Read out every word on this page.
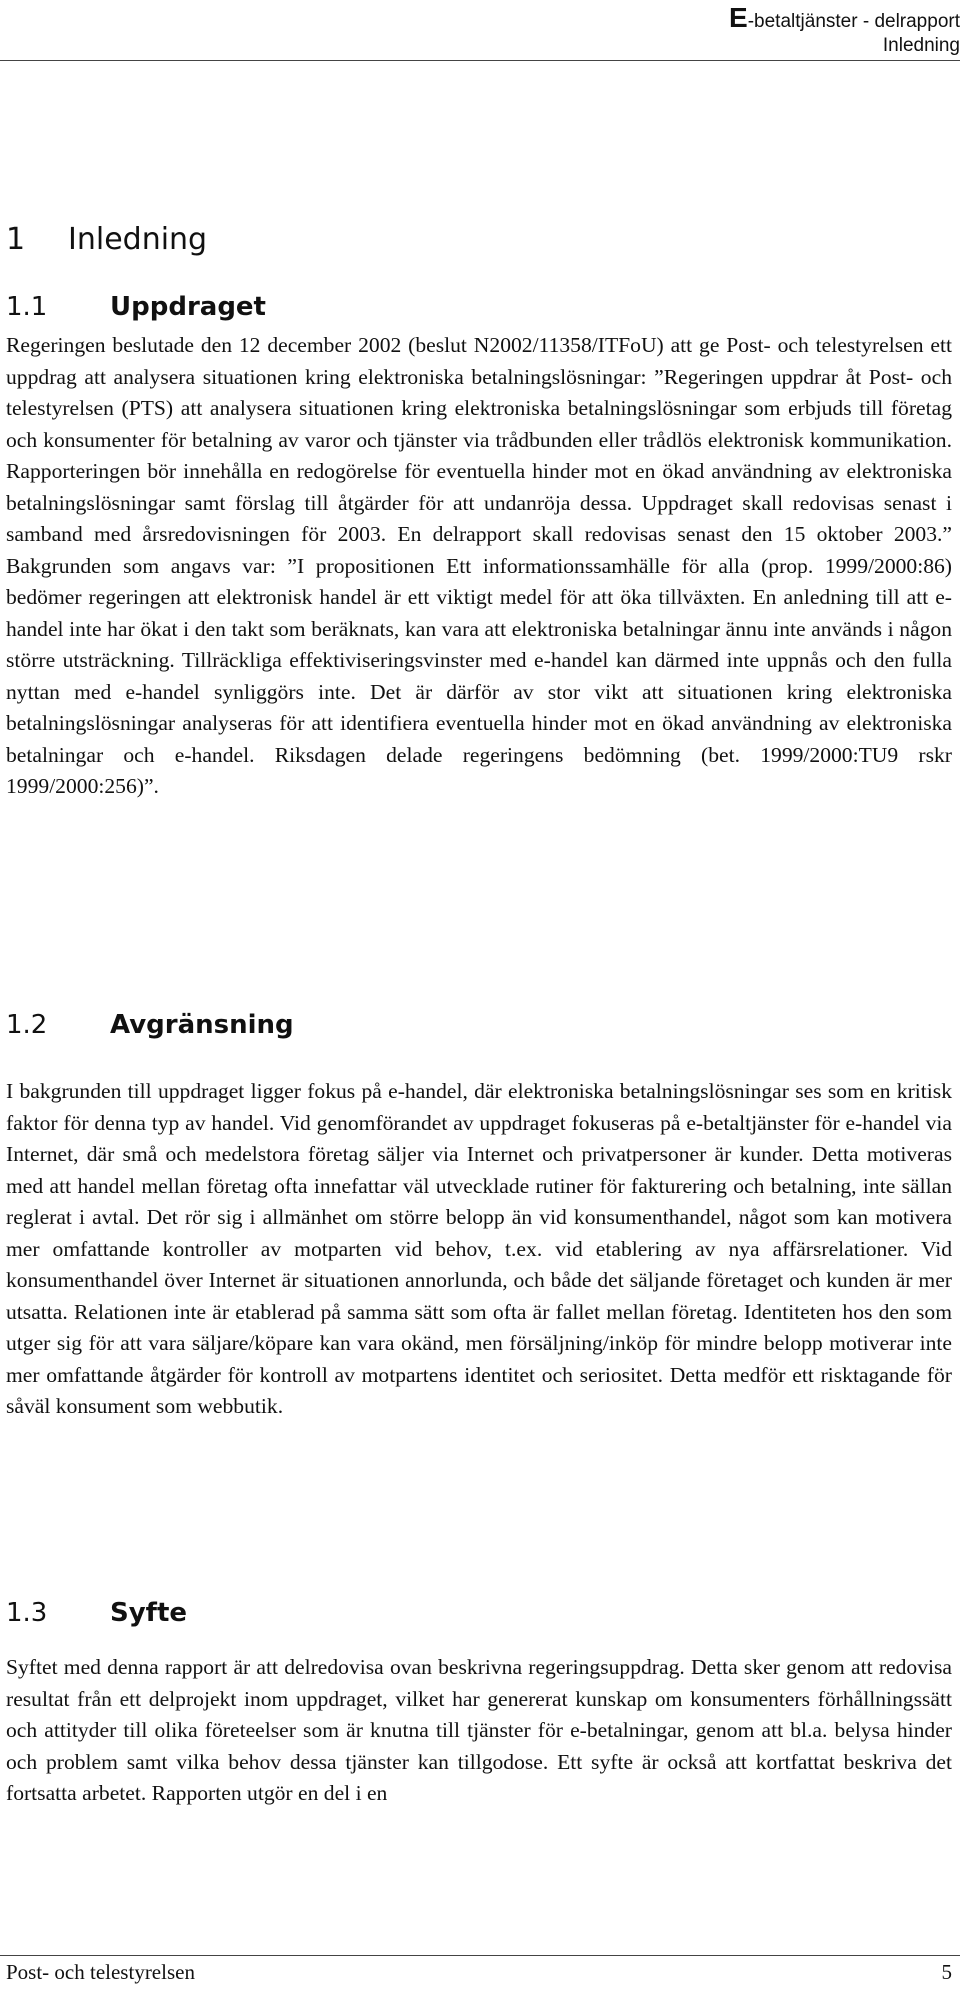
E-betaltjänster - delrapport
Inledning
1 Inledning
1.1 Uppdraget

Regeringen beslutade den 12 december 2002 (beslut N2002/11358/ITFoU) att ge Post- och telestyrelsen ett uppdrag att analysera situationen kring elektroniska betalningslösningar: ”Regeringen uppdrar åt Post- och telestyrelsen (PTS) att analysera situationen kring elektroniska betalningslösningar som erbjuds till företag och konsumenter för betalning av varor och tjänster via trådbunden eller trådlös elektronisk kommunikation. Rapporteringen bör innehålla en redogörelse för eventuella hinder mot en ökad användning av elektroniska betalningslösningar samt förslag till åtgärder för att undanröja dessa. Uppdraget skall redovisas senast i samband med årsredovisningen för 2003. En delrapport skall redovisas senast den 15 oktober 2003.” Bakgrunden som angavs var: ”I propositionen Ett informationssamhälle för alla (prop. 1999/2000:86) bedömer regeringen att elektronisk handel är ett viktigt medel för att öka tillväxten. En anledning till att e-handel inte har ökat i den takt som beräknats, kan vara att elektroniska betalningar ännu inte används i någon större utsträckning. Tillräckliga effektiviseringsvinster med e-handel kan därmed inte uppnås och den fulla nyttan med e-handel synliggörs inte. Det är därför av stor vikt att situationen kring elektroniska betalningslösningar analyseras för att identifiera eventuella hinder mot en ökad användning av elektroniska betalningar och e-handel. Riksdagen delade regeringens bedömning (bet. 1999/2000:TU9 rskr 1999/2000:256)”.

1.2 Avgränsning

I bakgrunden till uppdraget ligger fokus på e-handel, där elektroniska betalningslösningar ses som en kritisk faktor för denna typ av handel. Vid genomförandet av uppdraget fokuseras på e-betaltjänster för e-handel via Internet, där små och medelstora företag säljer via Internet och privatpersoner är kunder. Detta motiveras med att handel mellan företag ofta innefattar väl utvecklade rutiner för fakturering och betalning, inte sällan reglerat i avtal. Det rör sig i allmänhet om större belopp än vid konsumenthandel, något som kan motivera mer omfattande kontroller av motparten vid behov, t.ex. vid etablering av nya affärsrelationer. Vid konsumenthandel över Internet är situationen annorlunda, och både det säljande företaget och kunden är mer utsatta. Relationen inte är etablerad på samma sätt som ofta är fallet mellan företag. Identiteten hos den som utger sig för att vara säljare/köpare kan vara okänd, men försäljning/inköp för mindre belopp motiverar inte mer omfattande åtgärder för kontroll av motpartens identitet och seriositet. Detta medför ett risktagande för såväl konsument som webbutik.

1.3 Syfte

Syftet med denna rapport är att delredovisa ovan beskrivna regeringsuppdrag. Detta sker genom att redovisa resultat från ett delprojekt inom uppdraget, vilket har genererat kunskap om konsumenters förhållningssätt och attityder till olika företeelser som är knutna till tjänster för e-betalningar, genom att bl.a. belysa hinder och problem samt vilka behov dessa tjänster kan tillgodose. Ett syfte är också att kortfattat beskriva det fortsatta arbetet. Rapporten utgör en del i en

Post- och telestyrelsen	5
